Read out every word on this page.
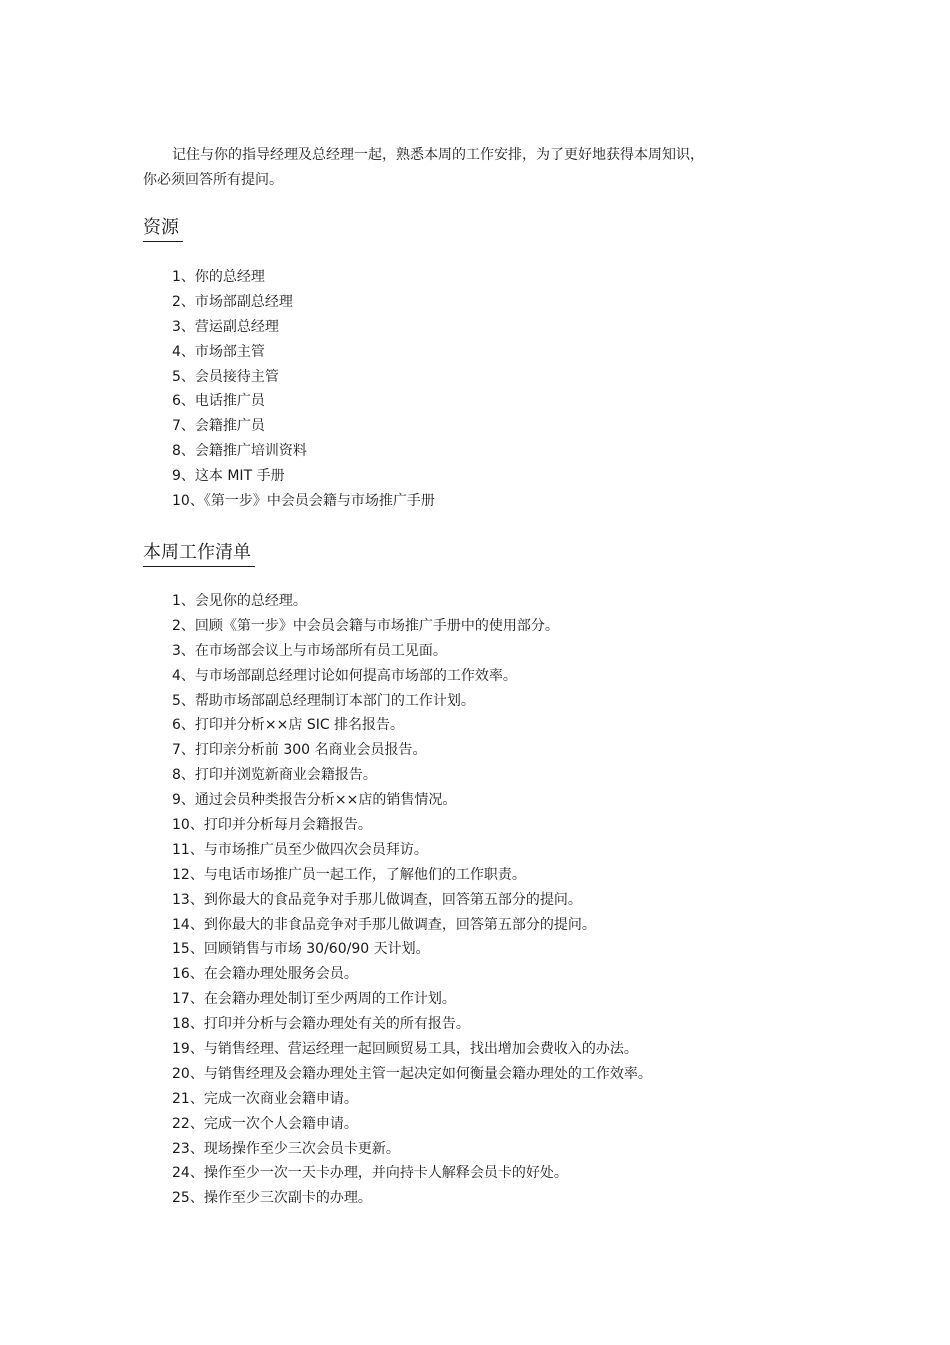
记住与你的指导经理及总经理一起，熟悉本周的工作安排，为了更好地获得本周知识，
你必须回答所有提问。
资源
1、你的总经理
2、市场部副总经理
3、营运副总经理
4、市场部主管
5、会员接待主管
6、电话推广员
7、会籍推广员
8、会籍推广培训资料
9、这本 MIT 手册
10、《第一步》中会员会籍与市场推广手册
本周工作清单
1、会见你的总经理。
2、回顾《第一步》中会员会籍与市场推广手册中的使用部分。
3、在市场部会议上与市场部所有员工见面。
4、与市场部副总经理讨论如何提高市场部的工作效率。
5、帮助市场部副总经理制订本部门的工作计划。
6、打印并分析××店 SIC 排名报告。
7、打印亲分析前 300 名商业会员报告。
8、打印并浏览新商业会籍报告。
9、通过会员种类报告分析××店的销售情况。
10、打印并分析每月会籍报告。
11、与市场推广员至少做四次会员拜访。
12、与电话市场推广员一起工作，了解他们的工作职责。
13、到你最大的食品竞争对手那儿做调查，回答第五部分的提问。
14、到你最大的非食品竞争对手那儿做调查，回答第五部分的提问。
15、回顾销售与市场 30/60/90 天计划。
16、在会籍办理处服务会员。
17、在会籍办理处制订至少两周的工作计划。
18、打印并分析与会籍办理处有关的所有报告。
19、与销售经理、营运经理一起回顾贸易工具，找出增加会费收入的办法。
20、与销售经理及会籍办理处主管一起决定如何衡量会籍办理处的工作效率。
21、完成一次商业会籍申请。
22、完成一次个人会籍申请。
23、现场操作至少三次会员卡更新。
24、操作至少一次一天卡办理，并向持卡人解释会员卡的好处。
25、操作至少三次副卡的办理。
